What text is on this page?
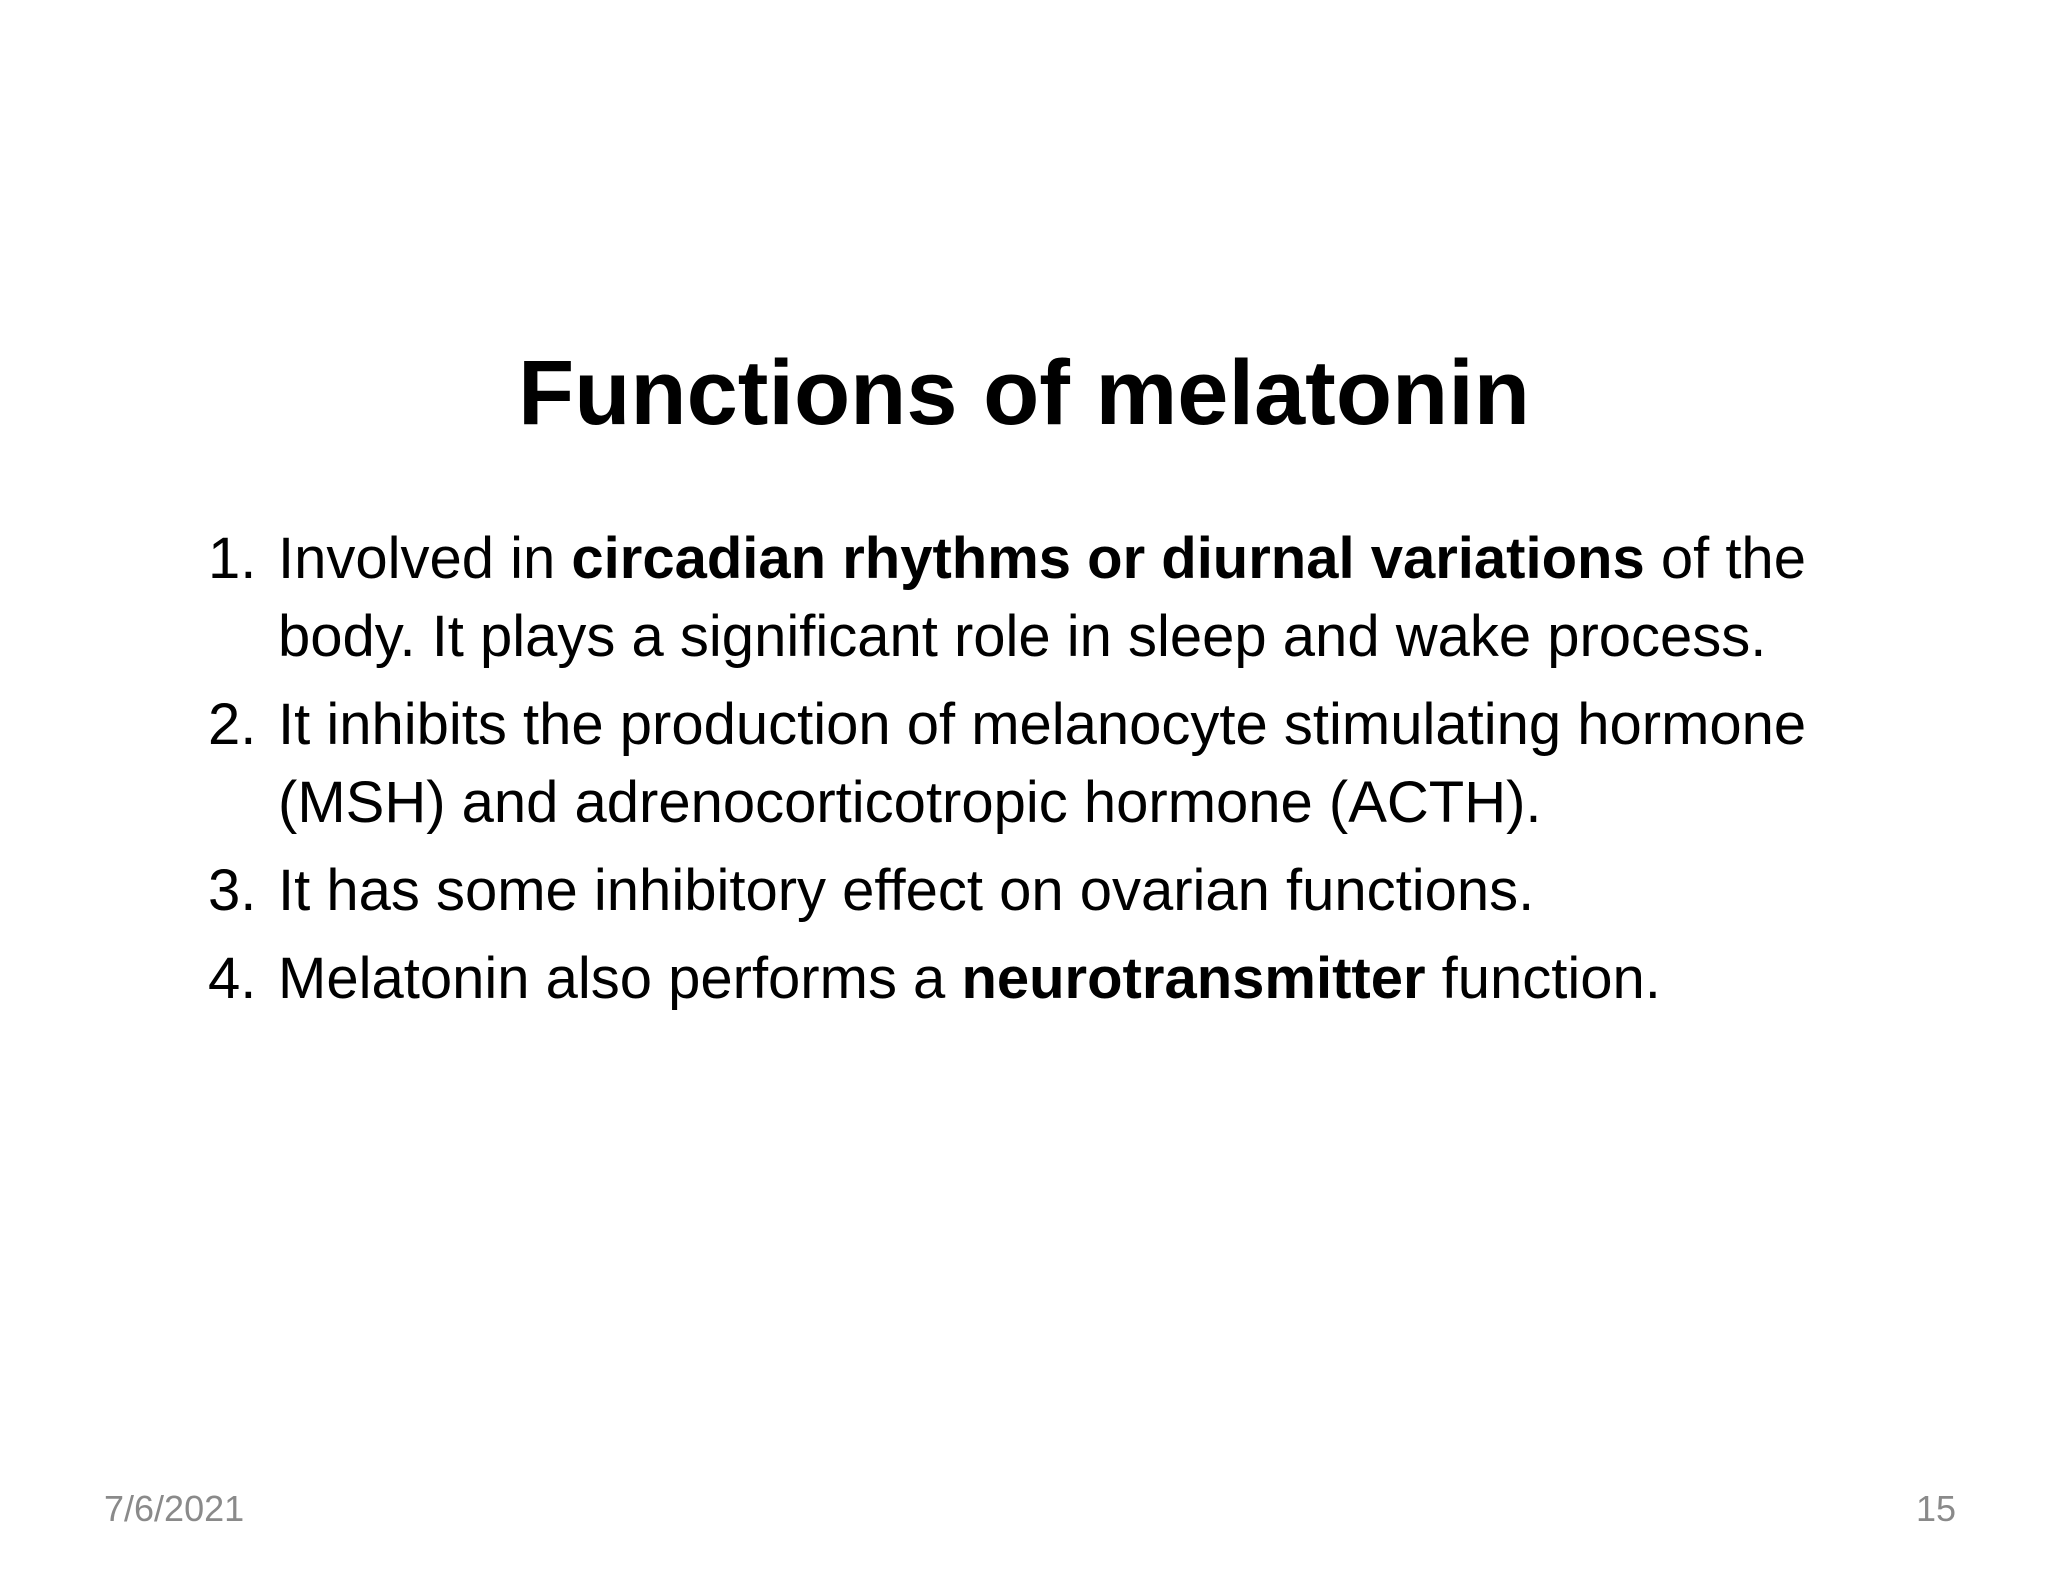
Functions of melatonin
1. Involved in circadian rhythms or diurnal variations of the body. It plays a significant role in sleep and wake process.
2. It inhibits the production of melanocyte stimulating hormone (MSH) and adrenocorticotropic hormone (ACTH).
3. It has some inhibitory effect on ovarian functions.
4. Melatonin also performs a neurotransmitter function.
7/6/2021	15
